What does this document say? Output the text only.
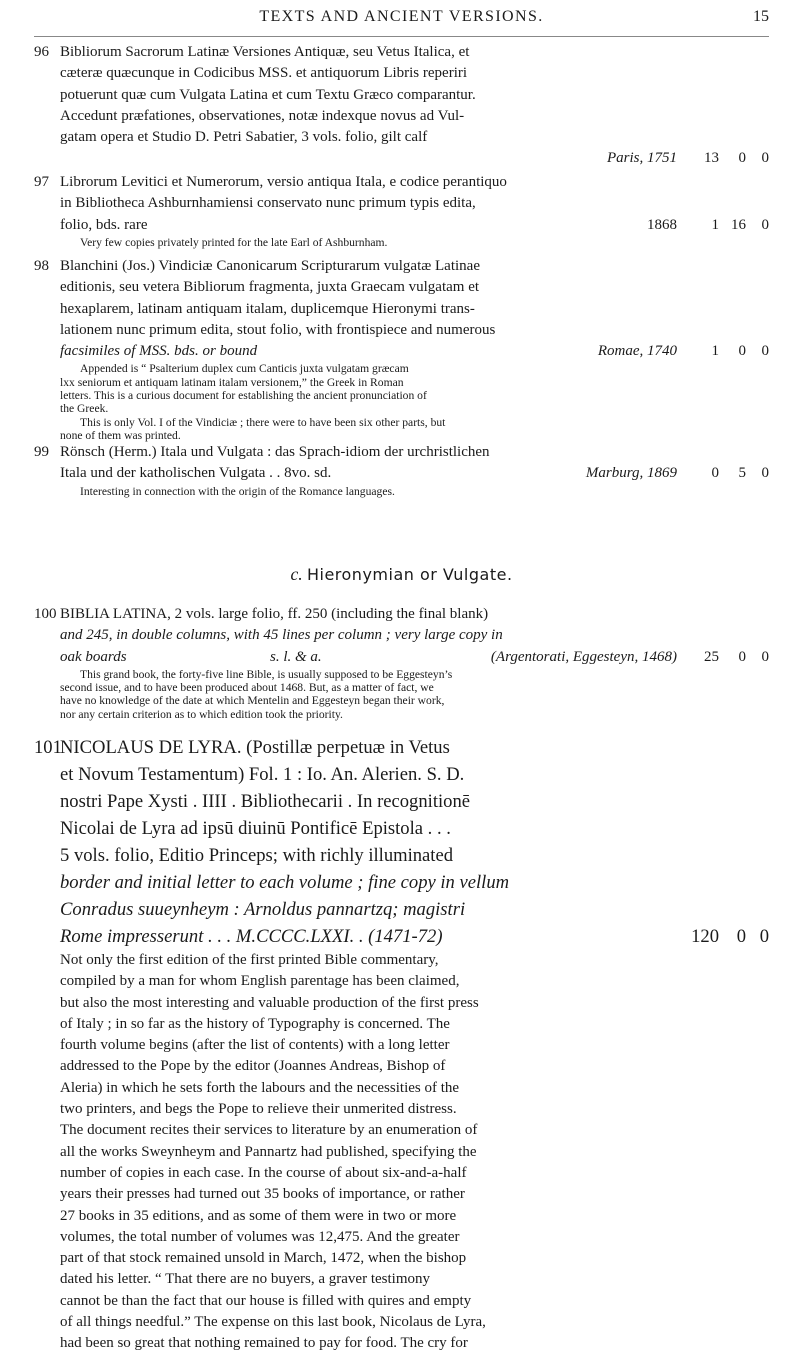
TEXTS AND ANCIENT VERSIONS.	15
96 Bibliorum Sacrorum Latinæ Versiones Antiquæ, seu Vetus Italica, et
cæteræ quæcunque in Codicibus MSS. et antiquorum Libris reperiri
potuerunt quæ cum Vulgata Latina et cum Textu Græco comparantur.
Accedunt præfationes, observationes, notæ indexque novus ad Vul-
gatam opera et Studio D. Petri Sabatier, 3 vols. folio, gilt calf
Paris, 1751	13	0	0

97 Librorum Levitici et Numerorum, versio antiqua Itala, e codice perantiquo
in Bibliotheca Ashburnhamiensi conservato nunc primum typis edita,
folio, bds. rare	1868	1 16	0
Very few copies privately printed for the late Earl of Ashburnham.
98 Blanchini (Jos.) Vindiciæ Canonicarum Scripturarum vulgatæ Latinae
editionis, seu vetera Bibliorum fragmenta, juxta Graecam vulgatam et
hexaplarem, latinam antiquam italam, duplicemque Hieronymi trans-
lationem nunc primum edita, stout folio, with frontispiece and numerous
facsimiles of MSS. bds. or bound	Romae, 1740	1	0	0
Appended is “ Psalterium duplex cum Canticis juxta vulgatam græcam
lxx seniorum et antiquam latinam italam versionem,” the Greek in Roman
letters. This is a curious document for establishing the ancient pronunciation of
the Greek.
This is only Vol. I of the Vindiciæ ; there were to have been six other parts, but
none of them was printed.
99 Rönsch (Herm.) Itala und Vulgata : das Sprach-idiom der urchristlichen
Itala und der katholischen Vulgata . . 8vo. sd.	Marburg, 1869	0	5	0
Interesting in connection with the origin of the Romance languages.
c. Hieronymian or Vulgate.
100 BIBLIA LATINA, 2 vols. large folio, ff. 250 (including the final blank)
and 245, in double columns, with 45 lines per column ; very large copy in
oak boards	s. l. & a.	(Argentorati, Eggesteyn, 1468)	25	0	0
This grand book, the forty-five line Bible, is usually supposed to be Eggesteyn’s
second issue, and to have been produced about 1468. But, as a matter of fact, we
have no knowledge of the date at which Mentelin and Eggesteyn began their work,
nor any certain criterion as to which edition took the priority.
101
NICOLAUS DE LYRA. (Postillæ perpetuæ in Vetus
et Novum Testamentum) Fol. 1 : Io. An. Alerien. S. D.
nostri Pape Xysti . IIII . Bibliothecarii . In recognitionē
Nicolai de Lyra ad ipsū diuinū Pontificē Epistola . . .
5 vols. folio, Editio Princeps; with richly illuminated
border and initial letter to each volume ; fine copy in vellum
Conradus suueynheym : Arnoldus pannartzq; magistri
Rome impresserunt . . . M.CCCC.LXXI. . (1471-72)	120 0 0
Not only the first edition of the first printed Bible commentary,
compiled by a man for whom English parentage has been claimed,
but also the most interesting and valuable production of the first press
of Italy ; in so far as the history of Typography is concerned. The
fourth volume begins (after the list of contents) with a long letter
addressed to the Pope by the editor (Joannes Andreas, Bishop of
Aleria) in which he sets forth the labours and the necessities of the
two printers, and begs the Pope to relieve their unmerited distress.
The document recites their services to literature by an enumeration of
all the works Sweynheym and Pannartz had published, specifying the
number of copies in each case. In the course of about six-and-a-half
years their presses had turned out 35 books of importance, or rather
27 books in 35 editions, and as some of them were in two or more
volumes, the total number of volumes was 12,475. And the greater
part of that stock remained unsold in March, 1472, when the bishop
dated his letter. “ That there are no buyers, a graver testimony
cannot be than the fact that our house is filled with quires and empty
of all things needful.” The expense on this last book, Nicolaus de Lyra,
had been so great that nothing remained to pay for food. The cry for
